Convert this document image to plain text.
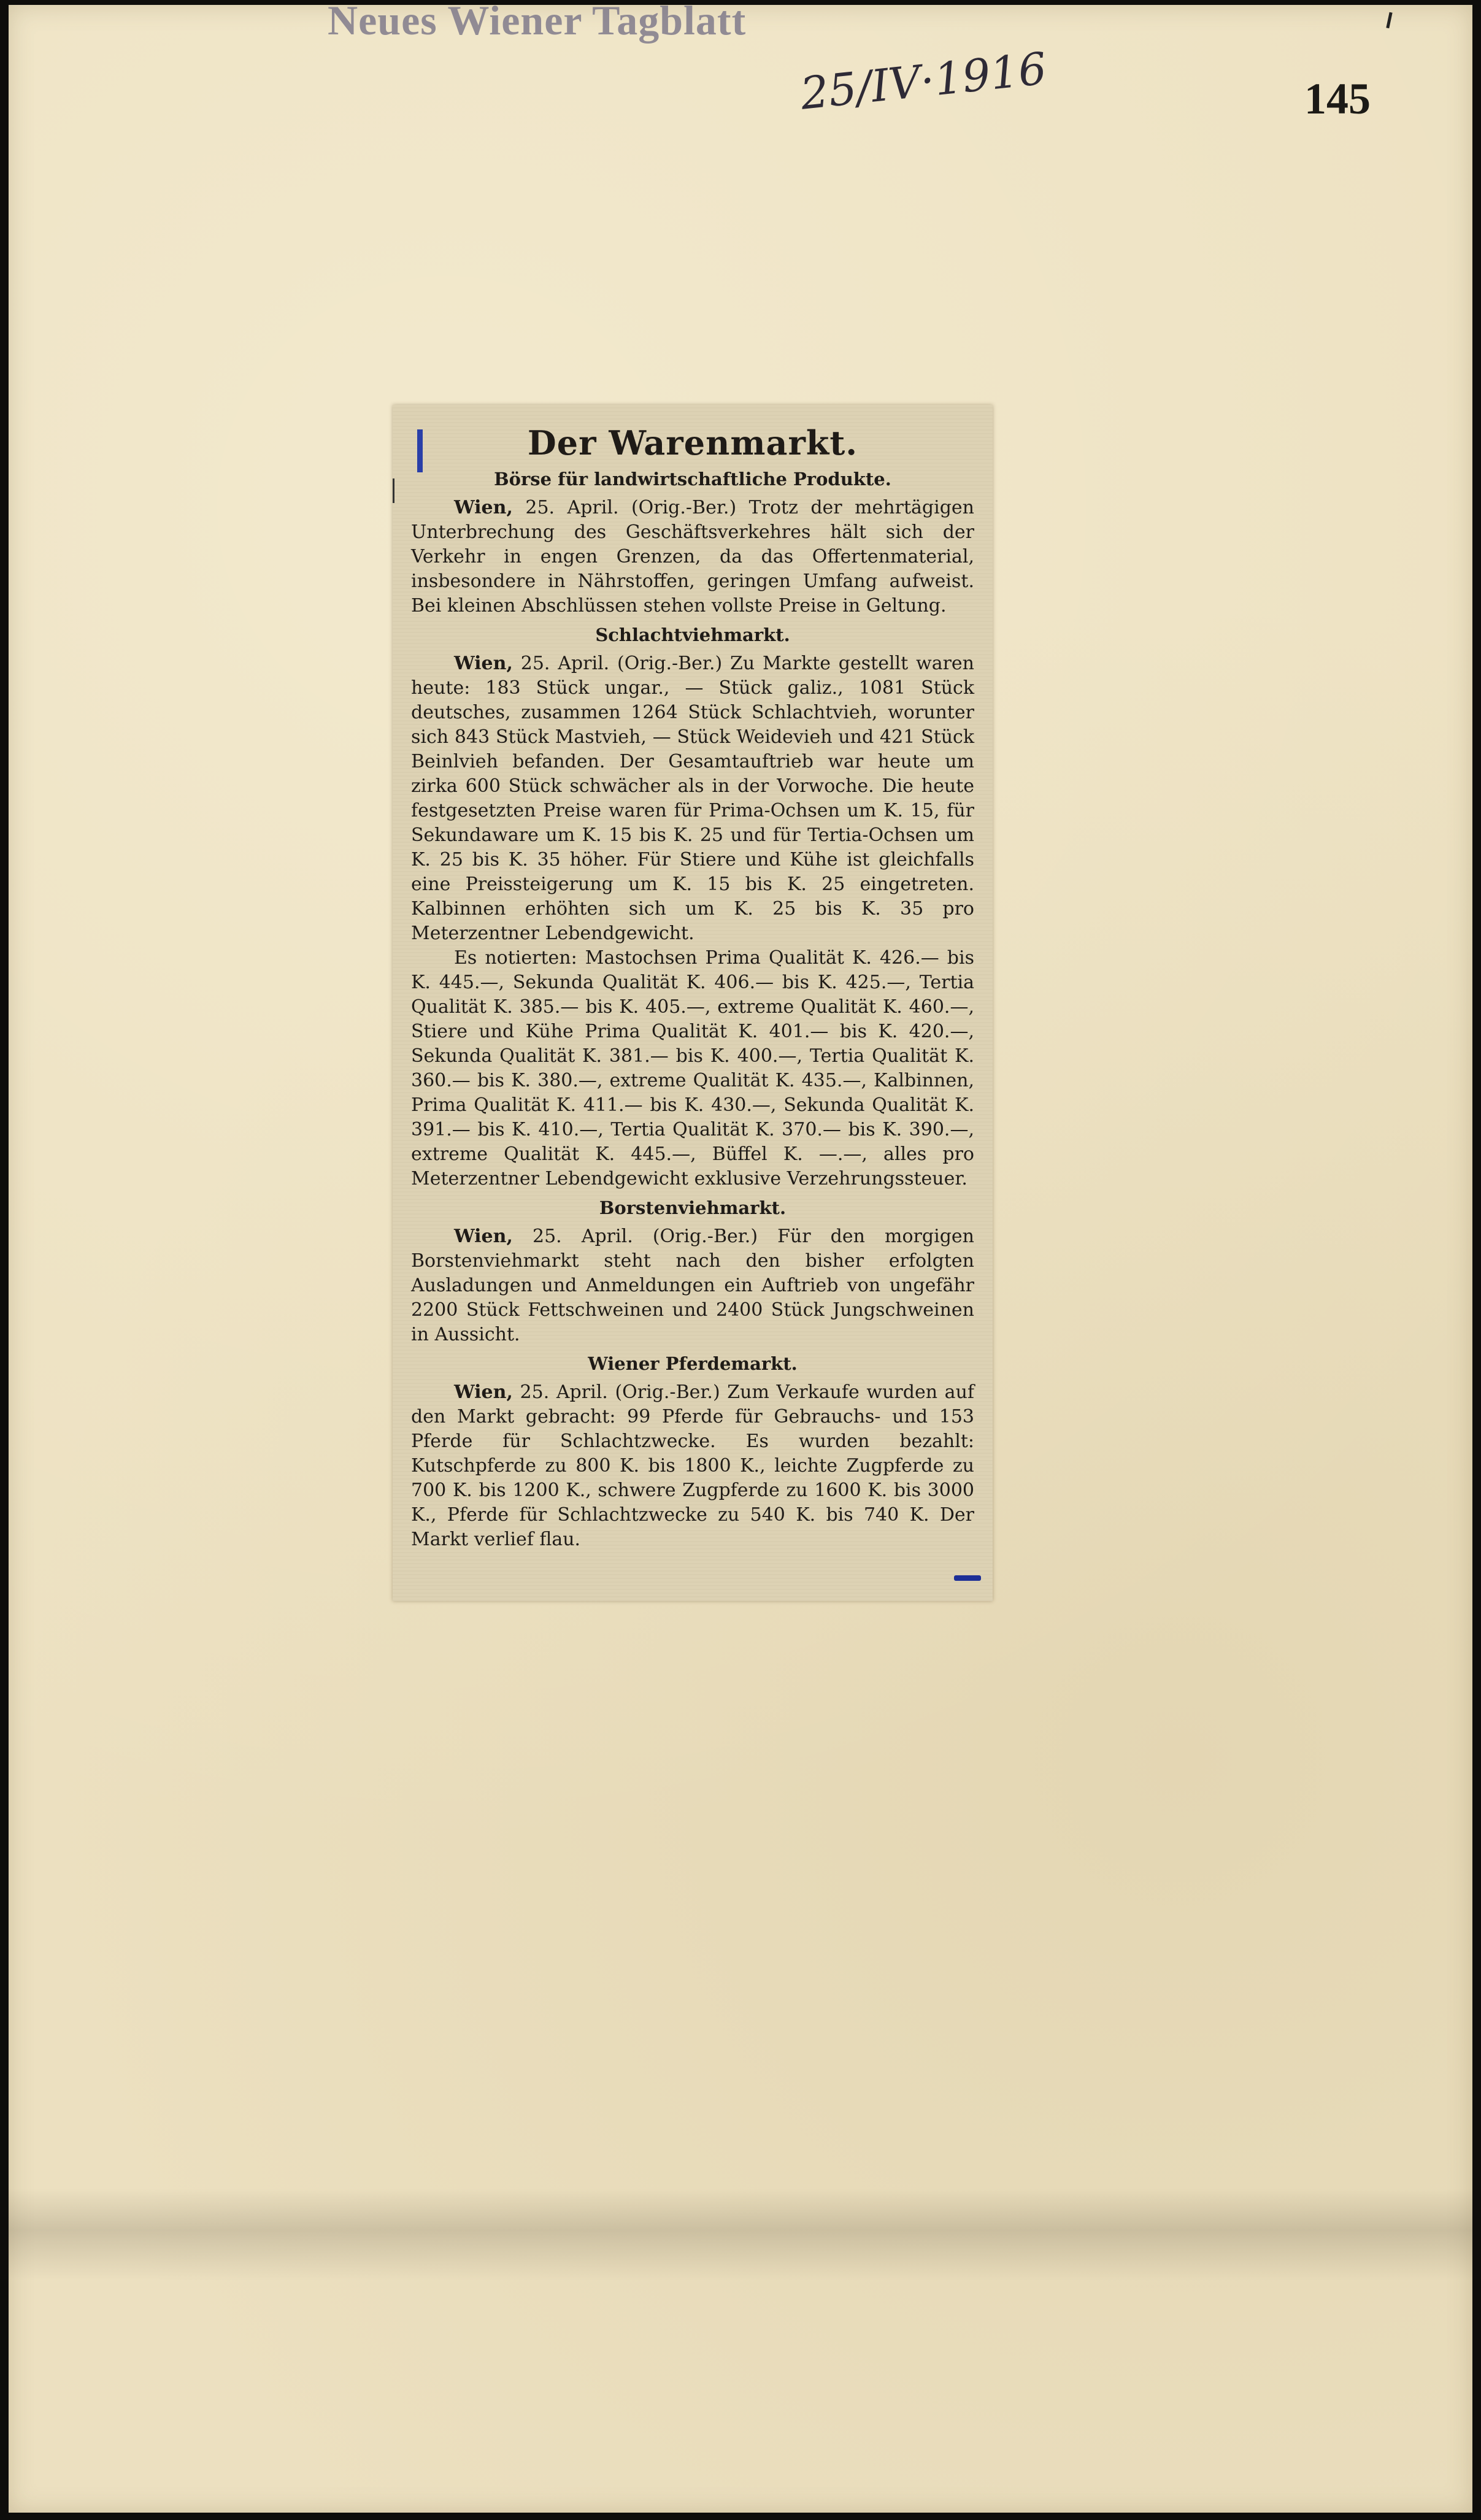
Neues Wiener Tagblatt
25/IV·1916	145
Der Warenmarkt.
Börse für landwirtschaftliche Produkte.

Wien, 25. April. (Orig.-Ber.) Trotz der mehrtägigen Unterbrechung des Geschäftsverkehres hält sich der Verkehr in engen Grenzen, da das Offertenmaterial, insbesondere in Nährstoffen, geringen Umfang aufweist. Bei kleinen Abschlüssen stehen vollste Preise in Geltung.

Schlachtviehmarkt.

Wien, 25. April. (Orig.-Ber.) Zu Markte gestellt waren heute: 183 Stück ungar., — Stück galiz., 1081 Stück deutsches, zusammen 1264 Stück Schlachtvieh, worunter sich 843 Stück Mastvieh, — Stück Weidevieh und 421 Stück Beinlvieh befanden. Der Gesamtauftrieb war heute um zirka 600 Stück schwächer als in der Vorwoche. Die heute festgesetzten Preise waren für Prima-Ochsen um K. 15, für Sekundaware um K. 15 bis K. 25 und für Tertia-Ochsen um K. 25 bis K. 35 höher. Für Stiere und Kühe ist gleichfalls eine Preissteigerung um K. 15 bis K. 25 eingetreten. Kalbinnen erhöhten sich um K. 25 bis K. 35 pro Meterzentner Lebendgewicht.

Es notierten: Mastochsen Prima Qualität K. 426.— bis K. 445.—, Sekunda Qualität K. 406.— bis K. 425.—, Tertia Qualität K. 385.— bis K. 405.—, extreme Qualität K. 460.—, Stiere und Kühe Prima Qualität K. 401.— bis K. 420.—, Sekunda Qualität K. 381.— bis K. 400.—, Tertia Qualität K. 360.— bis K. 380.—, extreme Qualität K. 435.—, Kalbinnen, Prima Qualität K. 411.— bis K. 430.—, Sekunda Qualität K. 391.— bis K. 410.—, Tertia Qualität K. 370.— bis K. 390.—, extreme Qualität K. 445.—, Büffel K. —.—, alles pro Meterzentner Lebendgewicht exklusive Verzehrungssteuer.

Borstenviehmarkt.

Wien, 25. April. (Orig.-Ber.) Für den morgigen Borstenviehmarkt steht nach den bisher erfolgten Ausladungen und Anmeldungen ein Auftrieb von ungefähr 2200 Stück Fettschweinen und 2400 Stück Jungschweinen in Aussicht.

Wiener Pferdemarkt.

Wien, 25. April. (Orig.-Ber.) Zum Verkaufe wurden auf den Markt gebracht: 99 Pferde für Gebrauchs- und 153 Pferde für Schlachtzwecke. Es wurden bezahlt: Kutschpferde zu 800 K. bis 1800 K., leichte Zugpferde zu 700 K. bis 1200 K., schwere Zugpferde zu 1600 K. bis 3000 K., Pferde für Schlachtzwecke zu 540 K. bis 740 K. Der Markt verlief flau.
